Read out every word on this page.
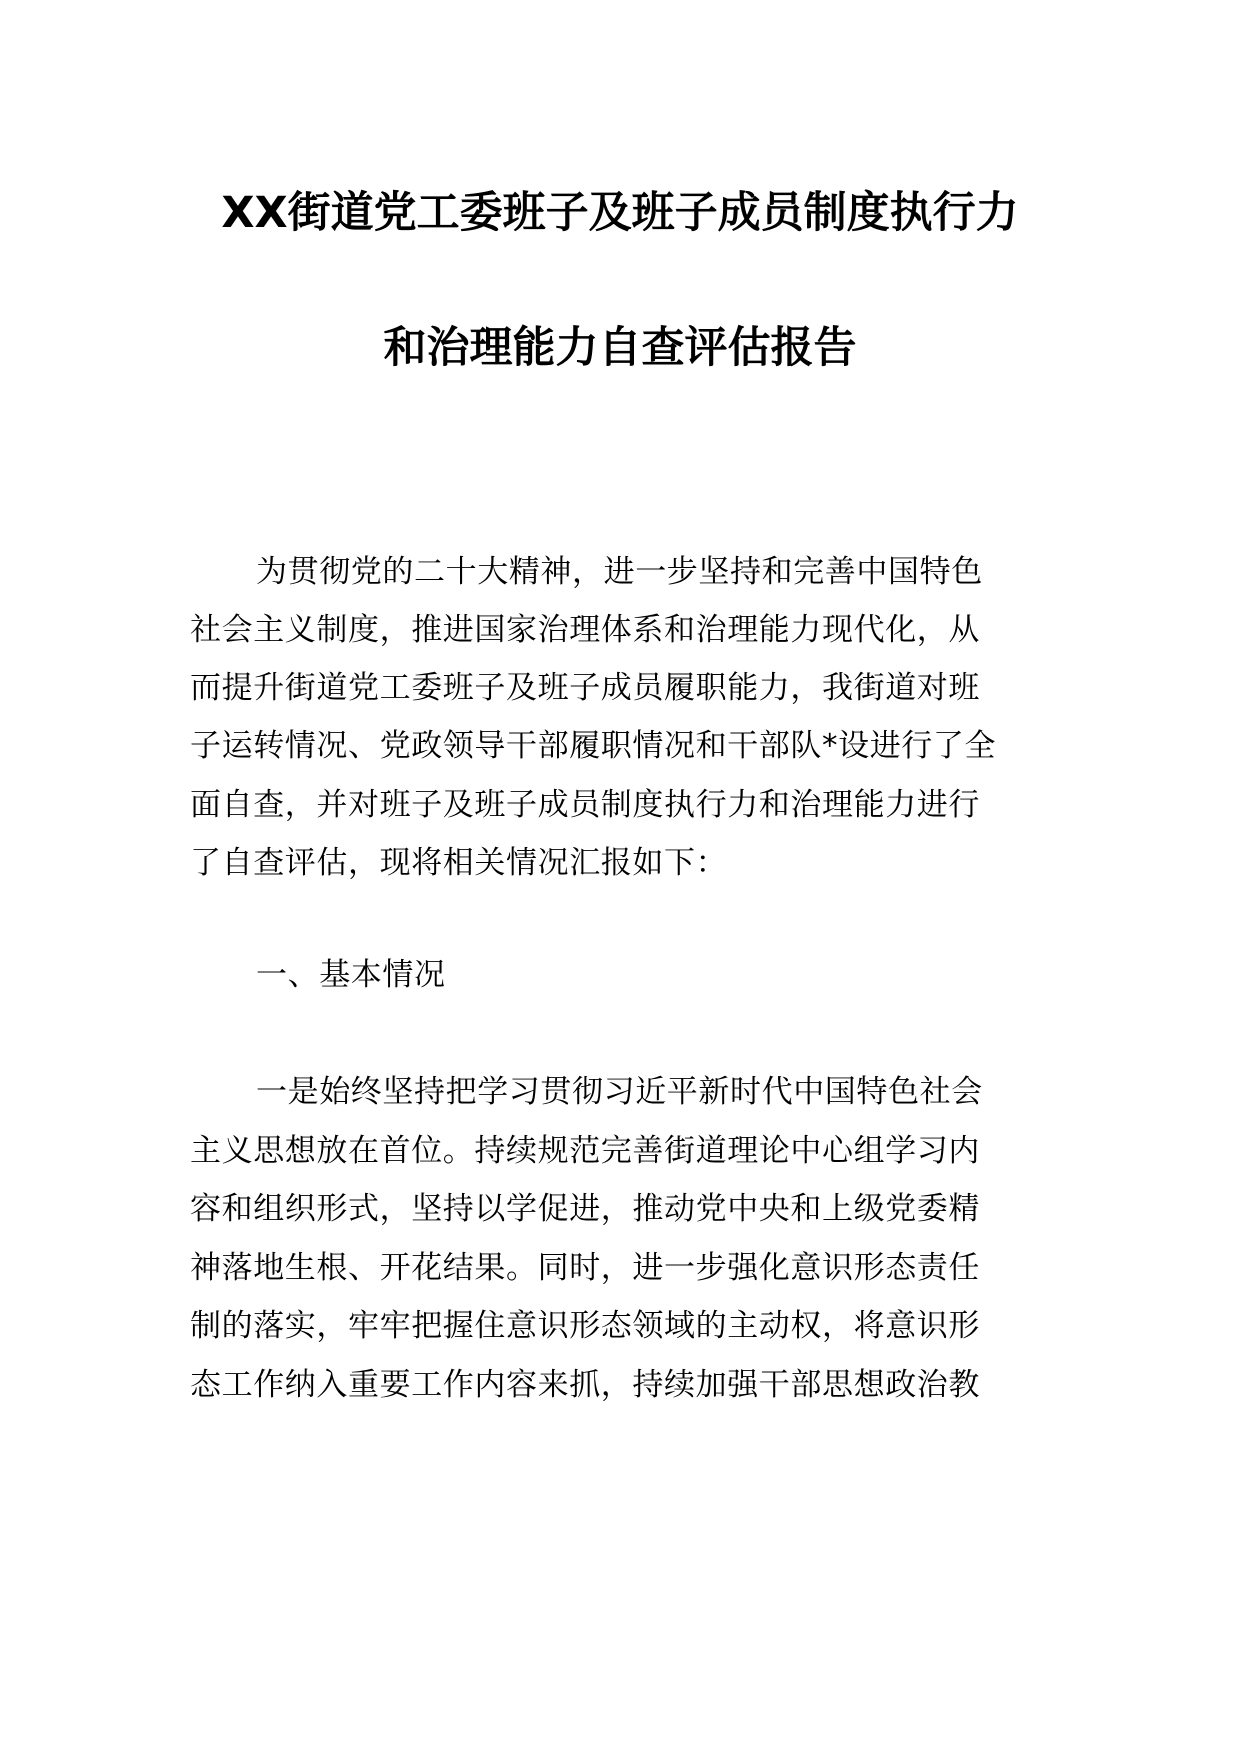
XX街道党工委班子及班子成员制度执行力
和治理能力自查评估报告
为贯彻党的二十大精神，进一步坚持和完善中国特色
社会主义制度，推进国家治理体系和治理能力现代化，从
而提升街道党工委班子及班子成员履职能力，我街道对班
子运转情况、党政领导干部履职情况和干部队*设进行了全
面自查，并对班子及班子成员制度执行力和治理能力进行
了自查评估，现将相关情况汇报如下：
一、基本情况
一是始终坚持把学习贯彻习近平新时代中国特色社会
主义思想放在首位。持续规范完善街道理论中心组学习内
容和组织形式，坚持以学促进，推动党中央和上级党委精
神落地生根、开花结果。同时，进一步强化意识形态责任
制的落实，牢牢把握住意识形态领域的主动权，将意识形
态工作纳入重要工作内容来抓，持续加强干部思想政治教
